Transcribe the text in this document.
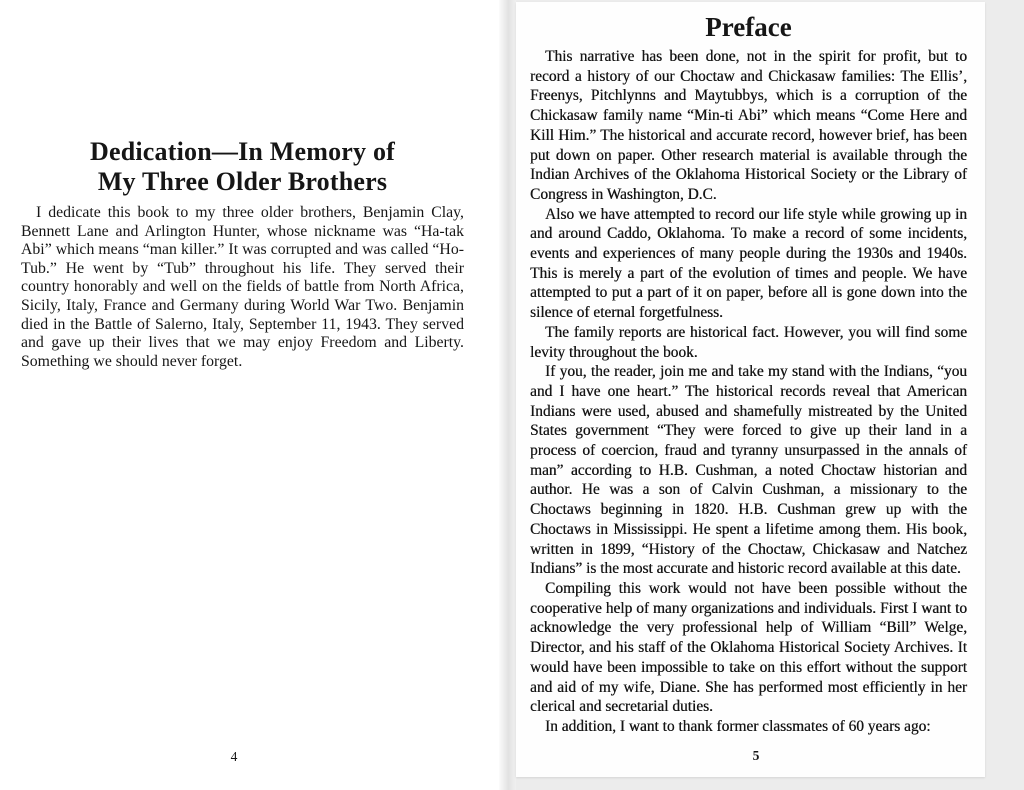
Dedication—In Memory of
My Three Older Brothers

I dedicate this book to my three older brothers, Benjamin Clay, Bennett Lane and Arlington Hunter, whose nickname was “Ha-tak Abi” which means “man killer.” It was corrupted and was called “Ho-Tub.” He went by “Tub” throughout his life. They served their country honorably and well on the fields of battle from North Africa, Sicily, Italy, France and Germany during World War Two. Benjamin died in the Battle of Salerno, Italy, September 11, 1943. They served and gave up their lives that we may enjoy Freedom and Liberty. Something we should never forget.

4
Preface

This narrative has been done, not in the spirit for profit, but to record a history of our Choctaw and Chickasaw families: The Ellis’, Freenys, Pitchlynns and Maytubbys, which is a corruption of the Chickasaw family name “Min-ti Abi” which means “Come Here and Kill Him.” The historical and accurate record, however brief, has been put down on paper. Other research material is available through the Indian Archives of the Oklahoma Historical Society or the Library of Congress in Washington, D.C.

Also we have attempted to record our life style while growing up in and around Caddo, Oklahoma. To make a record of some incidents, events and experiences of many people during the 1930s and 1940s. This is merely a part of the evolution of times and people. We have attempted to put a part of it on paper, before all is gone down into the silence of eternal forgetfulness.

The family reports are historical fact. However, you will find some levity throughout the book.

If you, the reader, join me and take my stand with the Indians, “you and I have one heart.” The historical records reveal that American Indians were used, abused and shamefully mistreated by the United States government “They were forced to give up their land in a process of coercion, fraud and tyranny unsurpassed in the annals of man” according to H.B. Cushman, a noted Choctaw historian and author. He was a son of Calvin Cushman, a missionary to the Choctaws beginning in 1820. H.B. Cushman grew up with the Choctaws in Mississippi. He spent a lifetime among them. His book, written in 1899, “History of the Choctaw, Chickasaw and Natchez Indians” is the most accurate and historic record available at this date.

Compiling this work would not have been possible without the cooperative help of many organizations and individuals. First I want to acknowledge the very professional help of William “Bill” Welge, Director, and his staff of the Oklahoma Historical Society Archives. It would have been impossible to take on this effort without the support and aid of my wife, Diane. She has performed most efficiently in her clerical and secretarial duties.

In addition, I want to thank former classmates of 60 years ago:

5
